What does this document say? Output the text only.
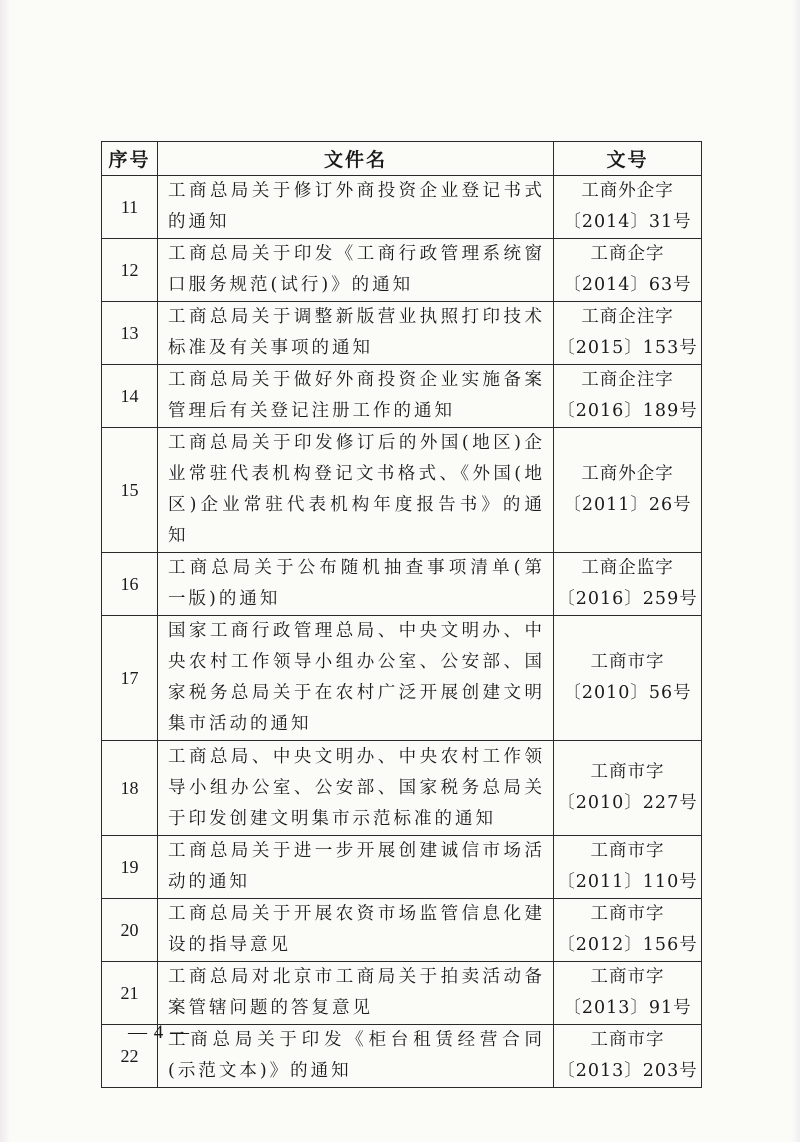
序号	文件名	文号
11	工商总局关于修订外商投资企业登记书式的通知	工商外企字
〔2014〕31号

12	工商总局关于印发《工商行政管理系统窗口服务规范(试行)》的通知	工商企字
〔2014〕63号

13	工商总局关于调整新版营业执照打印技术标准及有关事项的通知	工商企注字
〔2015〕153号

14	工商总局关于做好外商投资企业实施备案管理后有关登记注册工作的通知	工商企注字
〔2016〕189号

15	工商总局关于印发修订后的外国(地区)企业常驻代表机构登记文书格式、《外国(地区)企业常驻代表机构年度报告书》的通知	工商外企字
〔2011〕26号

16	工商总局关于公布随机抽查事项清单(第一版)的通知	工商企监字
〔2016〕259号

17	国家工商行政管理总局、中央文明办、中央农村工作领导小组办公室、公安部、国家税务总局关于在农村广泛开展创建文明集市活动的通知	工商市字
〔2010〕56号

18	工商总局、中央文明办、中央农村工作领导小组办公室、公安部、国家税务总局关于印发创建文明集市示范标准的通知	工商市字
〔2010〕227号

19	工商总局关于进一步开展创建诚信市场活动的通知	工商市字
〔2011〕110号

20	工商总局关于开展农资市场监管信息化建设的指导意见	工商市字
〔2012〕156号

21	工商总局对北京市工商局关于拍卖活动备案管辖问题的答复意见	工商市字
〔2013〕91号

22	工商总局关于印发《柜台租赁经营合同(示范文本)》的通知	工商市字
〔2013〕203号
— 4 —
